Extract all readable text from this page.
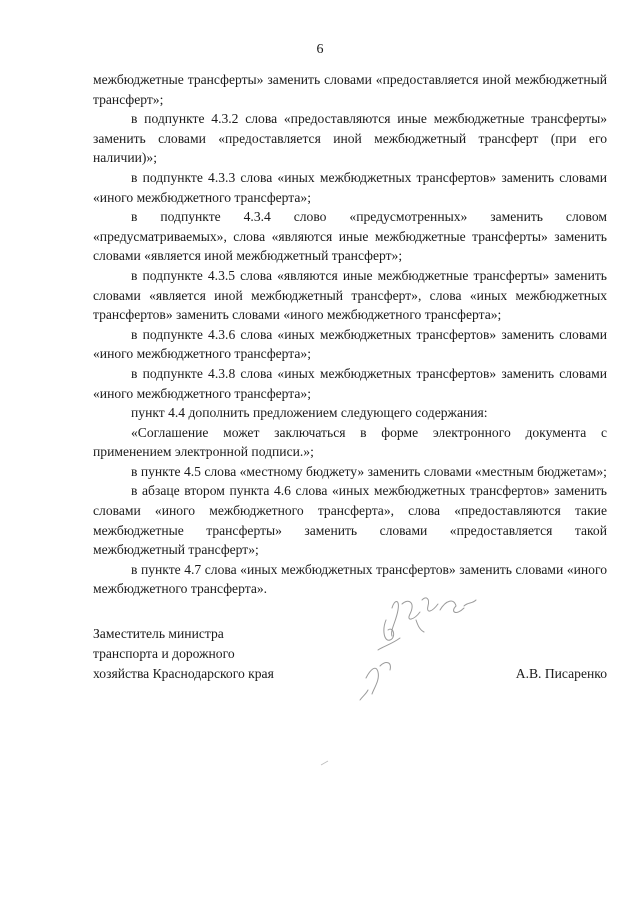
6

межбюджетные трансферты» заменить словами «предоставляется иной межбюджетный трансферт»;

в подпункте 4.3.2 слова «предоставляются иные межбюджетные трансферты» заменить словами «предоставляется иной межбюджетный трансферт (при его наличии)»;

в подпункте 4.3.3 слова «иных межбюджетных трансфертов» заменить словами «иного межбюджетного трансферта»;

в подпункте 4.3.4 слово «предусмотренных» заменить словом «предусматриваемых», слова «являются иные межбюджетные трансферты» заменить словами «является иной межбюджетный трансферт»;

в подпункте 4.3.5 слова «являются иные межбюджетные трансферты» заменить словами «является иной межбюджетный трансферт», слова «иных межбюджетных трансфертов» заменить словами «иного межбюджетного трансферта»;

в подпункте 4.3.6 слова «иных межбюджетных трансфертов» заменить словами «иного межбюджетного трансферта»;

в подпункте 4.3.8 слова «иных межбюджетных трансфертов» заменить словами «иного межбюджетного трансферта»;

пункт 4.4 дополнить предложением следующего содержания:

«Соглашение может заключаться в форме электронного документа с применением электронной подписи.»;

в пункте 4.5 слова «местному бюджету» заменить словами «местным бюджетам»;

в абзаце втором пункта 4.6 слова «иных межбюджетных трансфертов» заменить словами «иного межбюджетного трансферта», слова «предоставляются такие межбюджетные трансферты» заменить словами «предоставляется такой межбюджетный трансферт»;

в пункте 4.7 слова «иных межбюджетных трансфертов» заменить словами «иного межбюджетного трансферта».

Заместитель министра
транспорта и дорожного
хозяйства Краснодарского края	А.В. Писаренко
